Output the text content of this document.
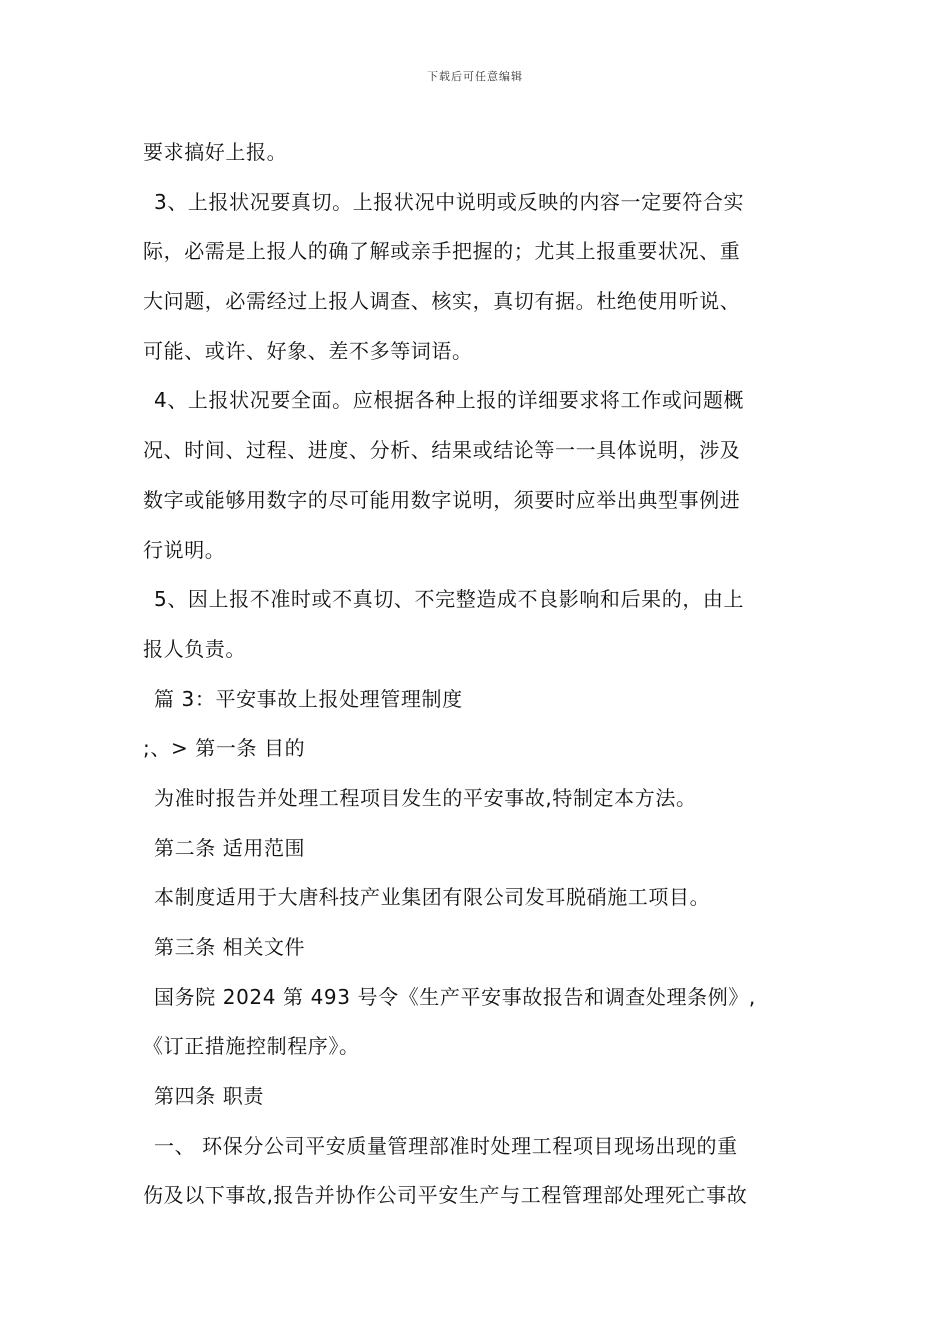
下载后可任意编辑
要求搞好上报。
3、上报状况要真切。上报状况中说明或反映的内容一定要符合实
际，必需是上报人的确了解或亲手把握的；尤其上报重要状况、重
大问题，必需经过上报人调查、核实，真切有据。杜绝使用听说、
可能、或许、好象、差不多等词语。
4、上报状况要全面。应根据各种上报的详细要求将工作或问题概
况、时间、过程、进度、分析、结果或结论等一一具体说明，涉及
数字或能够用数字的尽可能用数字说明，须要时应举出典型事例进
行说明。
5、因上报不准时或不真切、不完整造成不良影响和后果的，由上
报人负责。
篇 3：平安事故上报处理管理制度
;、> 第一条 目的
为准时报告并处理工程项目发生的平安事故,特制定本方法。
第二条 适用范围
本制度适用于大唐科技产业集团有限公司发耳脱硝施工项目。
第三条 相关文件
国务院 2024 第 493 号令《生产平安事故报告和调查处理条例》,
《订正措施控制程序》。
第四条 职责
一、 环保分公司平安质量管理部准时处理工程项目现场出现的重
伤及以下事故,报告并协作公司平安生产与工程管理部处理死亡事故
